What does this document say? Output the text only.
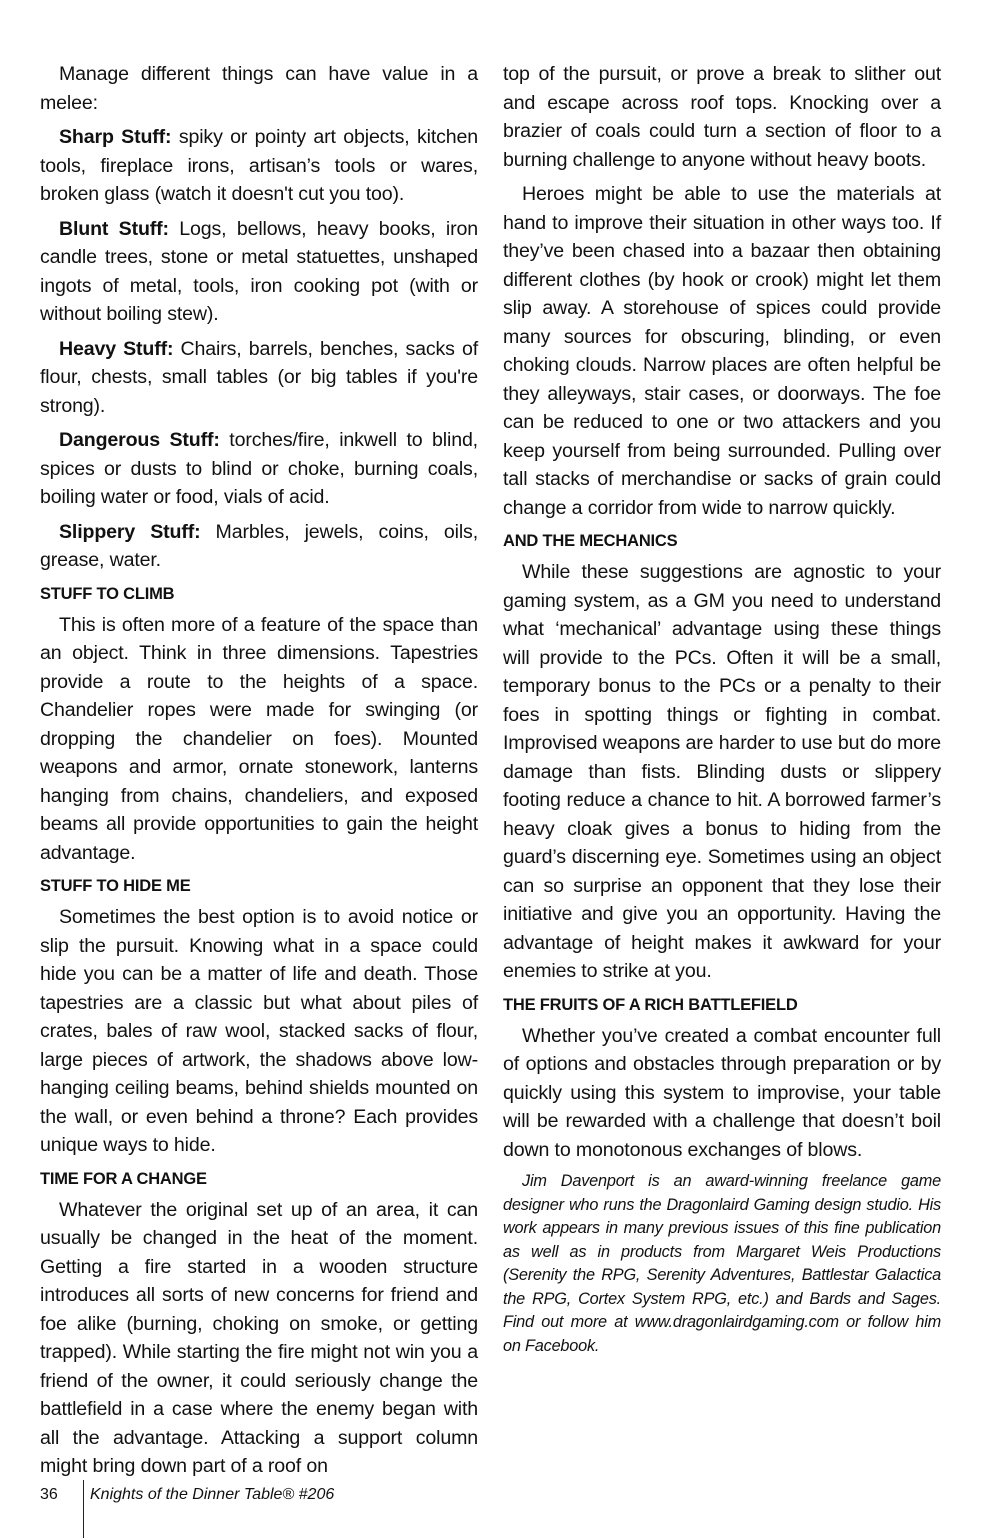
Manage different things can have value in a melee:

Sharp Stuff: spiky or pointy art objects, kitchen tools, fireplace irons, artisan’s tools or wares, broken glass (watch it doesn't cut you too).

Blunt Stuff: Logs, bellows, heavy books, iron candle trees, stone or metal statuettes, unshaped ingots of metal, tools, iron cooking pot (with or without boiling stew).

Heavy Stuff: Chairs, barrels, benches, sacks of flour, chests, small tables (or big tables if you're strong).

Dangerous Stuff: torches/fire, inkwell to blind, spices or dusts to blind or choke, burning coals, boiling water or food, vials of acid.

Slippery Stuff: Marbles, jewels, coins, oils, grease, water.

STUFF TO CLIMB

This is often more of a feature of the space than an object. Think in three dimensions. Tapestries provide a route to the heights of a space. Chandelier ropes were made for swinging (or dropping the chandelier on foes). Mounted weapons and armor, ornate stonework, lanterns hanging from chains, chandeliers, and exposed beams all provide opportunities to gain the height advantage.

STUFF TO HIDE ME

Sometimes the best option is to avoid notice or slip the pursuit. Knowing what in a space could hide you can be a matter of life and death. Those tapestries are a classic but what about piles of crates, bales of raw wool, stacked sacks of flour, large pieces of artwork, the shadows above low-hanging ceiling beams, behind shields mounted on the wall, or even behind a throne? Each provides unique ways to hide.

TIME FOR A CHANGE

Whatever the original set up of an area, it can usually be changed in the heat of the moment. Getting a fire started in a wooden structure introduces all sorts of new concerns for friend and foe alike (burning, choking on smoke, or getting trapped). While starting the fire might not win you a friend of the owner, it could seriously change the battlefield in a case where the enemy began with all the advantage. Attacking a support column might bring down part of a roof on

top of the pursuit, or prove a break to slither out and escape across roof tops. Knocking over a brazier of coals could turn a section of floor to a burning challenge to anyone without heavy boots.

Heroes might be able to use the materials at hand to improve their situation in other ways too. If they’ve been chased into a bazaar then obtaining different clothes (by hook or crook) might let them slip away. A storehouse of spices could provide many sources for obscuring, blinding, or even choking clouds. Narrow places are often helpful be they alleyways, stair cases, or doorways. The foe can be reduced to one or two attackers and you keep yourself from being surrounded. Pulling over tall stacks of merchandise or sacks of grain could change a corridor from wide to narrow quickly.

AND THE MECHANICS

While these suggestions are agnostic to your gaming system, as a GM you need to understand what ‘mechanical’ advantage using these things will provide to the PCs. Often it will be a small, temporary bonus to the PCs or a penalty to their foes in spotting things or fighting in combat. Improvised weapons are harder to use but do more damage than fists. Blinding dusts or slippery footing reduce a chance to hit. A borrowed farmer’s heavy cloak gives a bonus to hiding from the guard’s discerning eye. Sometimes using an object can so surprise an opponent that they lose their initiative and give you an opportunity. Having the advantage of height makes it awkward for your enemies to strike at you.

THE FRUITS OF A RICH BATTLEFIELD

Whether you’ve created a combat encounter full of options and obstacles through preparation or by quickly using this system to improvise, your table will be rewarded with a challenge that doesn’t boil down to monotonous exchanges of blows.

Jim Davenport is an award-winning freelance game designer who runs the Dragonlaird Gaming design studio. His work appears in many previous issues of this fine publication as well as in products from Margaret Weis Productions (Serenity the RPG, Serenity Adventures, Battlestar Galactica the RPG, Cortex System RPG, etc.) and Bards and Sages. Find out more at www.dragonlairdgaming.com or follow him on Facebook.
36	Knights of the Dinner Table® #206
